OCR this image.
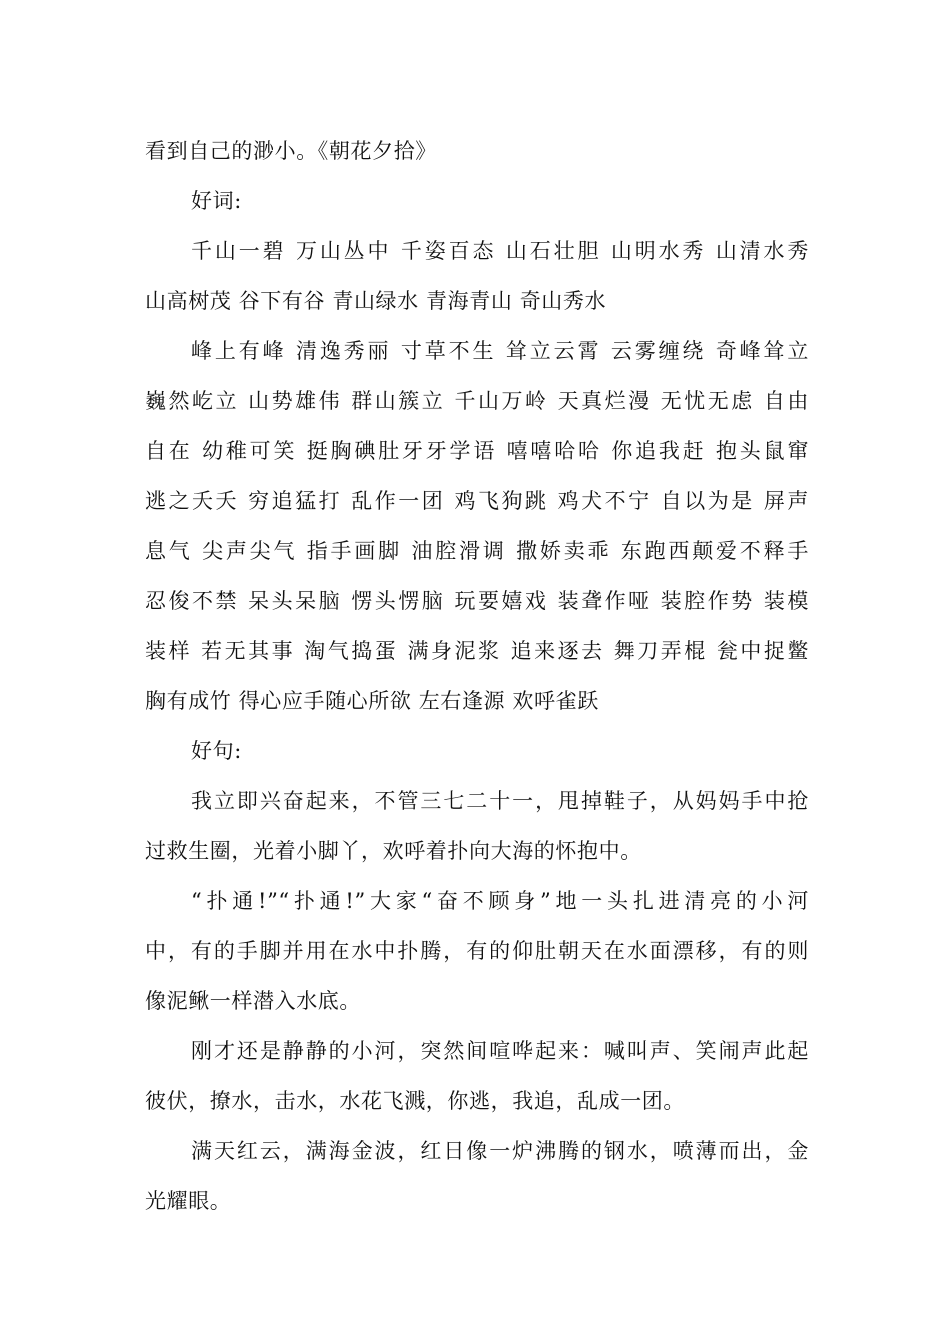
看到自己的渺小。《朝花夕拾》
好词:
千山一碧 万山丛中 千姿百态 山石壮胆 山明水秀 山清水秀
山高树茂 谷下有谷 青山绿水 青海青山 奇山秀水
峰上有峰 清逸秀丽 寸草不生 耸立云霄 云雾缠绕 奇峰耸立
巍然屹立 山势雄伟 群山簇立 千山万岭 天真烂漫 无忧无虑 自由
自在 幼稚可笑 挺胸碘肚牙牙学语 嘻嘻哈哈 你追我赶 抱头鼠窜
逃之夭夭 穷追猛打 乱作一团 鸡飞狗跳 鸡犬不宁 自以为是 屏声
息气 尖声尖气 指手画脚 油腔滑调 撒娇卖乖 东跑西颠爱不释手
忍俊不禁 呆头呆脑 愣头愣脑 玩要嬉戏 装聋作哑 装腔作势 装模
装样 若无其事 淘气捣蛋 满身泥浆 追来逐去 舞刀弄棍 瓮中捉鳖
胸有成竹 得心应手随心所欲 左右逢源 欢呼雀跃
好句:
我立即兴奋起来，不管三七二十一，甩掉鞋子，从妈妈手中抢
过救生圈，光着小脚丫，欢呼着扑向大海的怀抱中。
“扑通!”“扑通!”大家“奋不顾身”地一头扎进清亮的小河
中，有的手脚并用在水中扑腾，有的仰肚朝天在水面漂移，有的则
像泥鳅一样潜入水底。
刚才还是静静的小河，突然间喧哗起来：喊叫声、笑闹声此起
彼伏，撩水，击水，水花飞溅，你逃，我追，乱成一团。
满天红云，满海金波，红日像一炉沸腾的钢水，喷薄而出，金
光耀眼。
